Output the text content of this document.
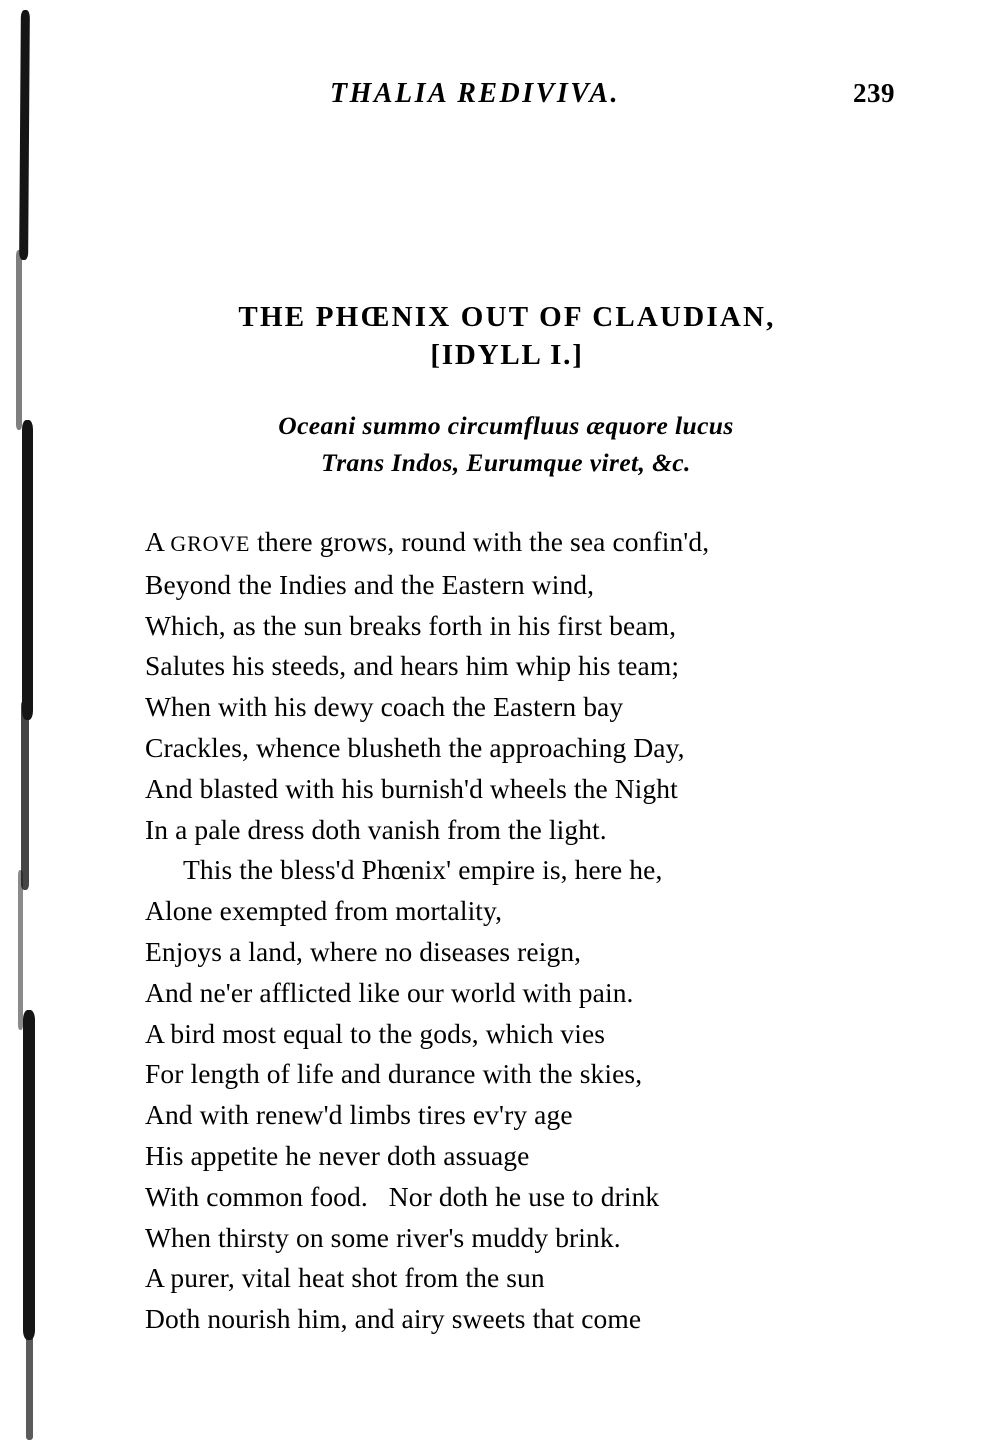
THALIA REDIVIVA.	239
THE PHŒNIX OUT OF CLAUDIAN,
[IDYLL I.]
Oceani summo circumfluus æquore lucus
Trans Indos, Eurumque viret, &c.
A GROVE there grows, round with the sea confin'd,
Beyond the Indies and the Eastern wind,
Which, as the sun breaks forth in his first beam,
Salutes his steeds, and hears him whip his team;
When with his dewy coach the Eastern bay
Crackles, whence blusheth the approaching Day,
And blasted with his burnish'd wheels the Night
In a pale dress doth vanish from the light.
This the bless'd Phœnix' empire is, here he,
Alone exempted from mortality,
Enjoys a land, where no diseases reign,
And ne'er afflicted like our world with pain.
A bird most equal to the gods, which vies
For length of life and durance with the skies,
And with renew'd limbs tires ev'ry age
His appetite he never doth assuage
With common food.   Nor doth he use to drink
When thirsty on some river's muddy brink.
A purer, vital heat shot from the sun
Doth nourish him, and airy sweets that come
